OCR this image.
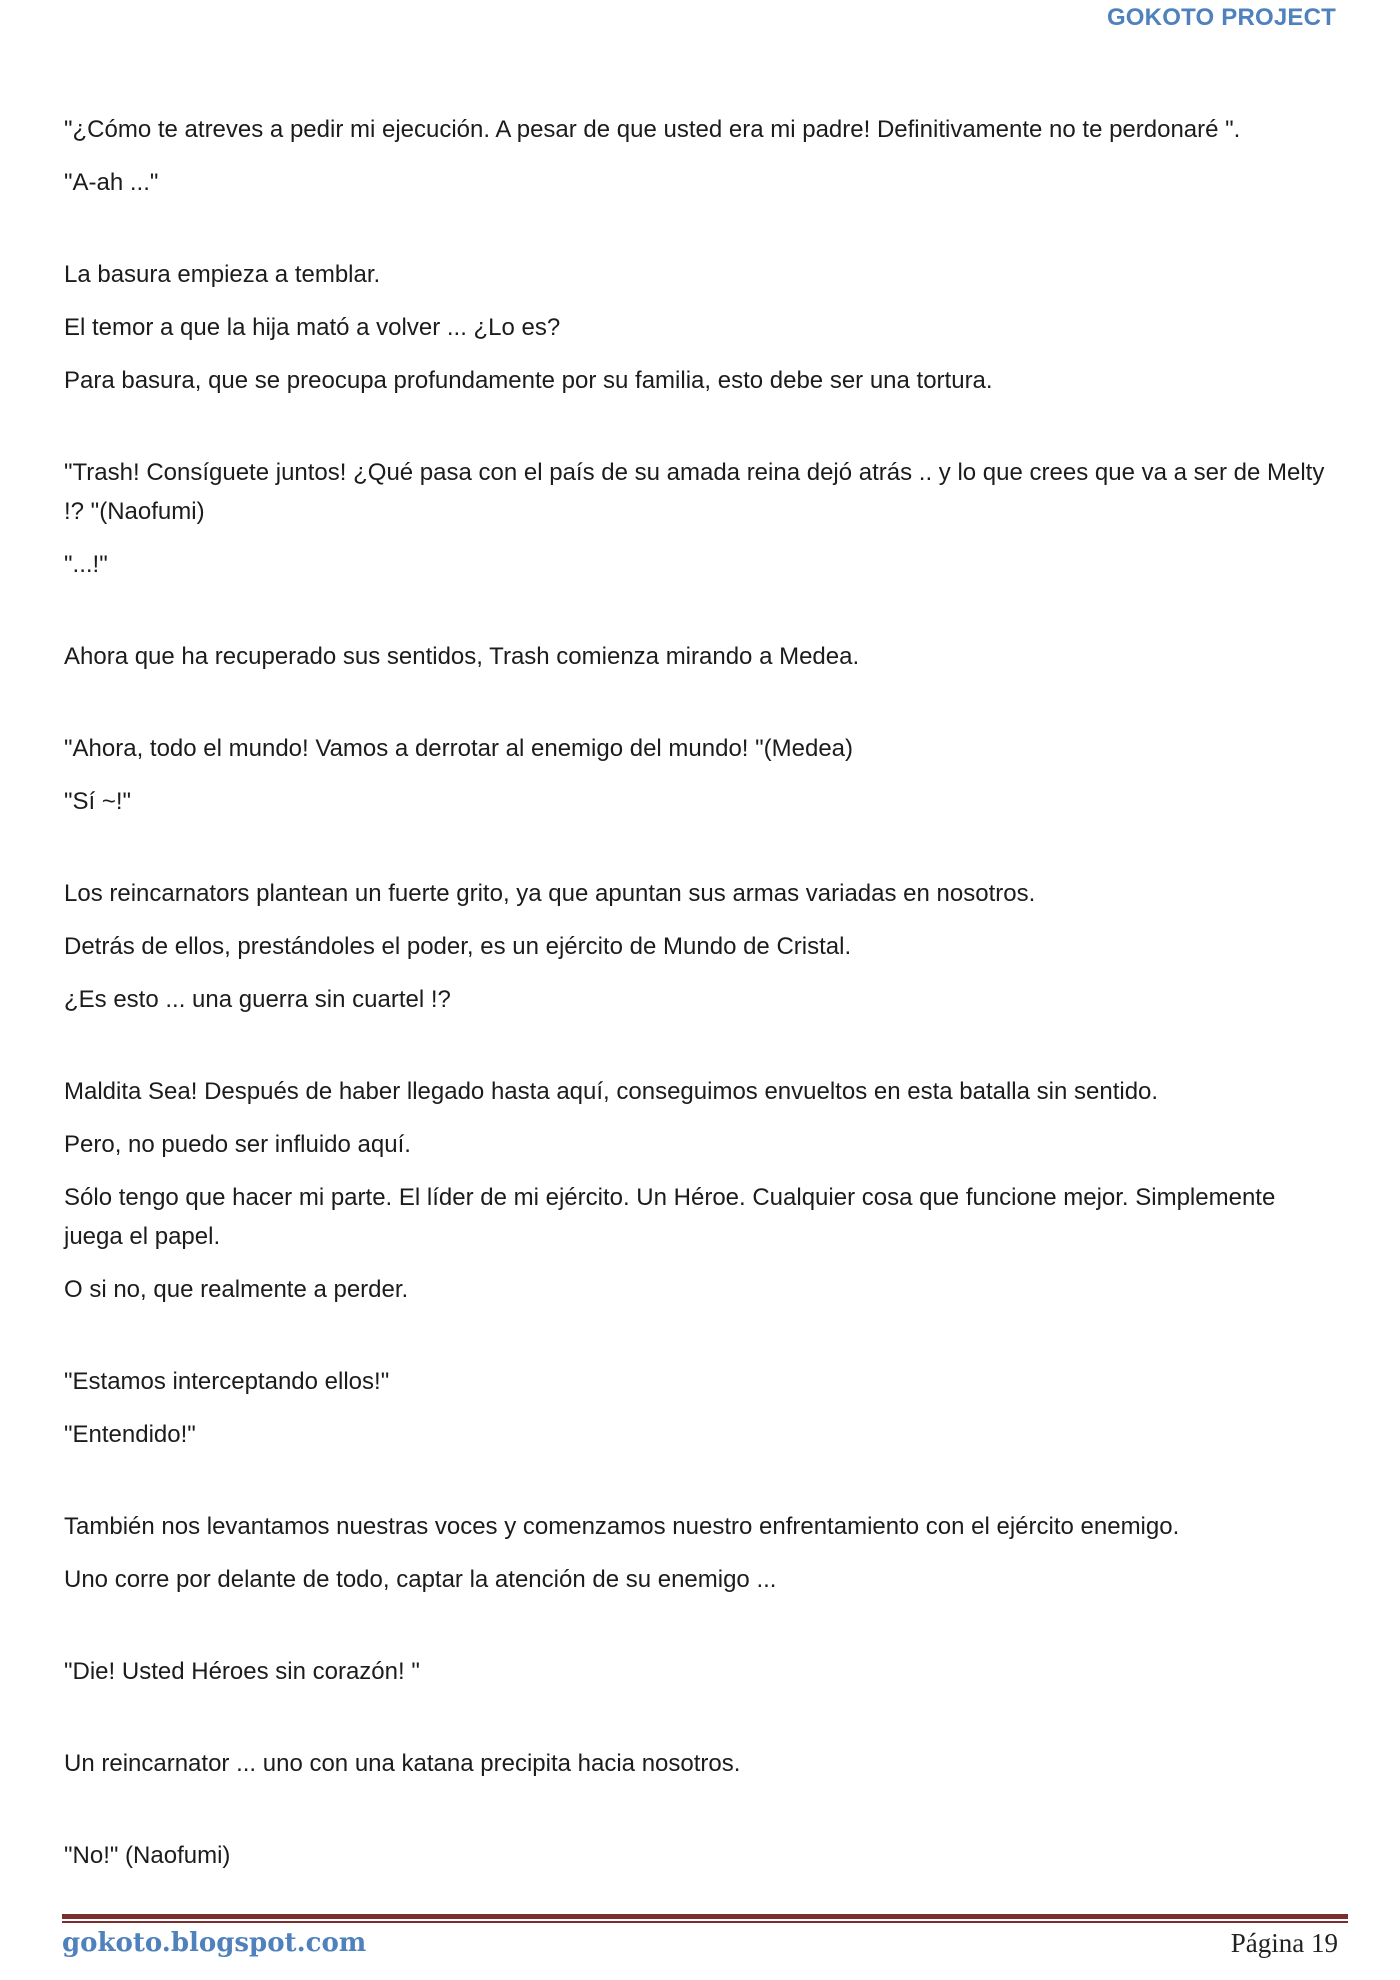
GOKOTO PROJECT

"¿Cómo te atreves a pedir mi ejecución. A pesar de que usted era mi padre! Definitivamente no te perdonaré ".

"A-ah ..."

La basura empieza a temblar.

El temor a que la hija mató a volver ... ¿Lo es?

Para basura, que se preocupa profundamente por su familia, esto debe ser una tortura.

"Trash! Consíguete juntos! ¿Qué pasa con el país de su amada reina dejó atrás .. y lo que crees que va a ser de Melty !? "(Naofumi)

"...!"

Ahora que ha recuperado sus sentidos, Trash comienza mirando a Medea.

"Ahora, todo el mundo! Vamos a derrotar al enemigo del mundo! "(Medea)

"Sí ~!"

Los reincarnators plantean un fuerte grito, ya que apuntan sus armas variadas en nosotros.

Detrás de ellos, prestándoles el poder, es un ejército de Mundo de Cristal.

¿Es esto ... una guerra sin cuartel !?

Maldita Sea! Después de haber llegado hasta aquí, conseguimos envueltos en esta batalla sin sentido.

Pero, no puedo ser influido aquí.

Sólo tengo que hacer mi parte. El líder de mi ejército. Un Héroe. Cualquier cosa que funcione mejor. Simplemente juega el papel.

O si no, que realmente a perder.

"Estamos interceptando ellos!"

"Entendido!"

También nos levantamos nuestras voces y comenzamos nuestro enfrentamiento con el ejército enemigo.

Uno corre por delante de todo, captar la atención de su enemigo ...

"Die! Usted Héroes sin corazón! "

Un reincarnator ... uno con una katana precipita hacia nosotros.

"No!" (Naofumi)

gokoto.blogspot.com	Página 19
